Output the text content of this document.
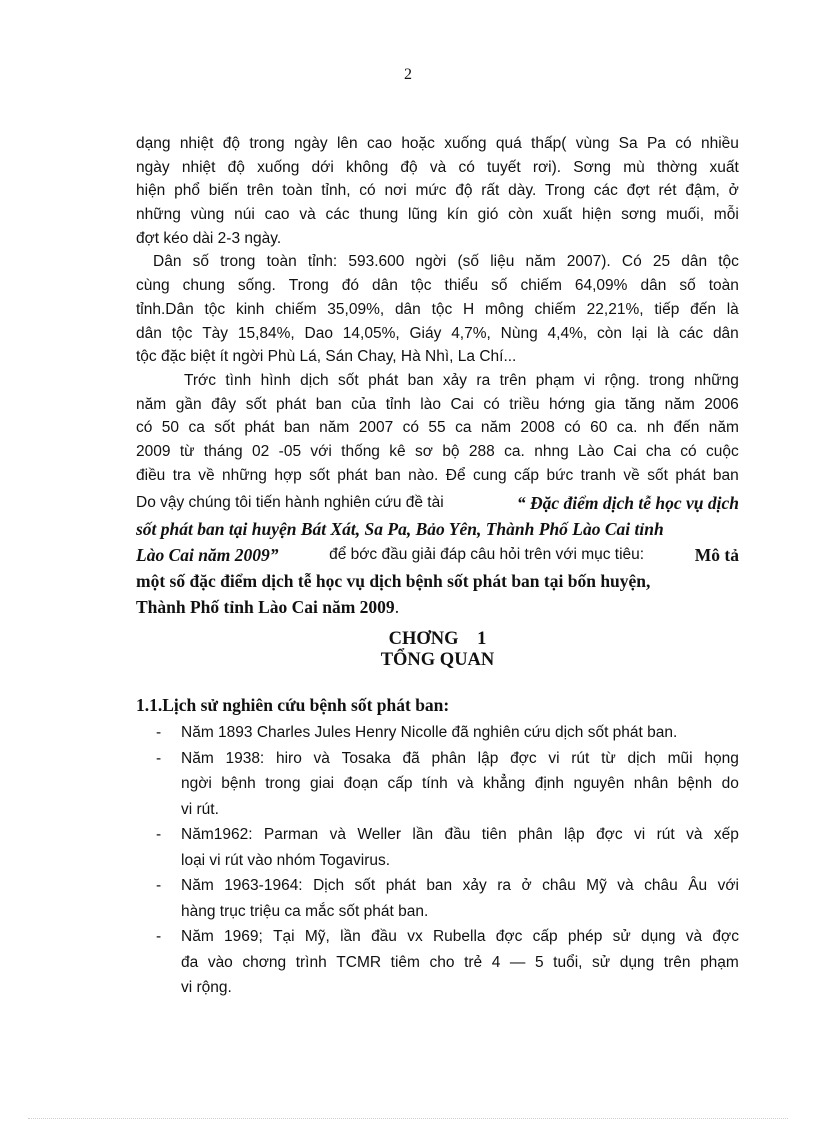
2
dạng nhiệt độ trong ngày lên cao hoặc xuống quá thấp( vùng Sa Pa có nhiều
ngày nhiệt độ xuống dới không độ và có tuyết rơi). Sơng mù thờng xuất
hiện phổ biến trên toàn tỉnh, có nơi mức độ rất dày. Trong các đợt rét đậm, ở
những vùng núi cao và các thung lũng kín gió còn xuất hiện sơng muối, mỗi
đợt kéo dài 2-3 ngày.
Dân số trong toàn tỉnh: 593.600 ngời (số liệu năm 2007). Có 25 dân tộc
cùng chung sống. Trong đó dân tộc thiểu số chiếm 64,09% dân số toàn
tỉnh.Dân tộc kinh chiếm 35,09%, dân tộc H mông chiếm 22,21%, tiếp đến là
dân tộc Tày 15,84%, Dao 14,05%, Giáy 4,7%, Nùng 4,4%, còn lại là các dân
tộc đặc biệt ít ngời Phù Lá, Sán Chay, Hà Nhì, La Chí...
Trớc tình hình dịch sốt phát ban xảy ra trên phạm vi rộng. trong những
năm gần đây sốt phát ban của tỉnh lào Cai có triều hớng gia tăng năm 2006
có 50 ca sốt phát ban năm 2007 có 55 ca năm 2008 có 60 ca. nh đến năm
2009 từ tháng 02 -05 với thống kê sơ bộ 288 ca. nhng Lào Cai cha có cuộc
điều tra về những hợp sốt phát ban nào. Để cung cấp bức tranh về sốt phát ban
Do vậy chúng tôi tiến hành nghiên cứu đề tài	“ Đặc điểm dịch tễ học vụ dịch
sốt phát ban tại huyện Bát Xát, Sa Pa, Bảo Yên, Thành Phố Lào Cai tỉnh
Lào Cai năm 2009”	để bớc đầu giải đáp câu hỏi trên với mục tiêu:	Mô tả
một số đặc điểm dịch tễ học vụ dịch bệnh sốt phát ban tại bốn huyện,
Thành Phố tỉnh Lào Cai năm 2009.
CHƠNG 1
TỔNG QUAN
1.1.Lịch sử nghiên cứu bệnh sốt phát ban:
- Năm 1893 Charles Jules Henry Nicolle đã nghiên cứu dịch sốt phát ban.
- Năm 1938: hiro và Tosaka đã phân lập đợc vi rút từ dịch mũi họng
ngời bệnh trong giai đoạn cấp tính và khẳng định nguyên nhân bệnh do
vi rút.
- Năm1962: Parman và Weller lần đầu tiên phân lập đợc vi rút và xếp
loại vi rút vào nhóm Togavirus.
- Năm 1963-1964: Dịch sốt phát ban xảy ra ở châu Mỹ và châu Âu với
hàng trục triệu ca mắc sốt phát ban.
- Năm 1969; Tại Mỹ, lần đầu vx Rubella đợc cấp phép sử dụng và đợc
đa vào chơng trình TCMR tiêm cho trẻ 4 — 5 tuổi, sử dụng trên phạm
vi rộng.
